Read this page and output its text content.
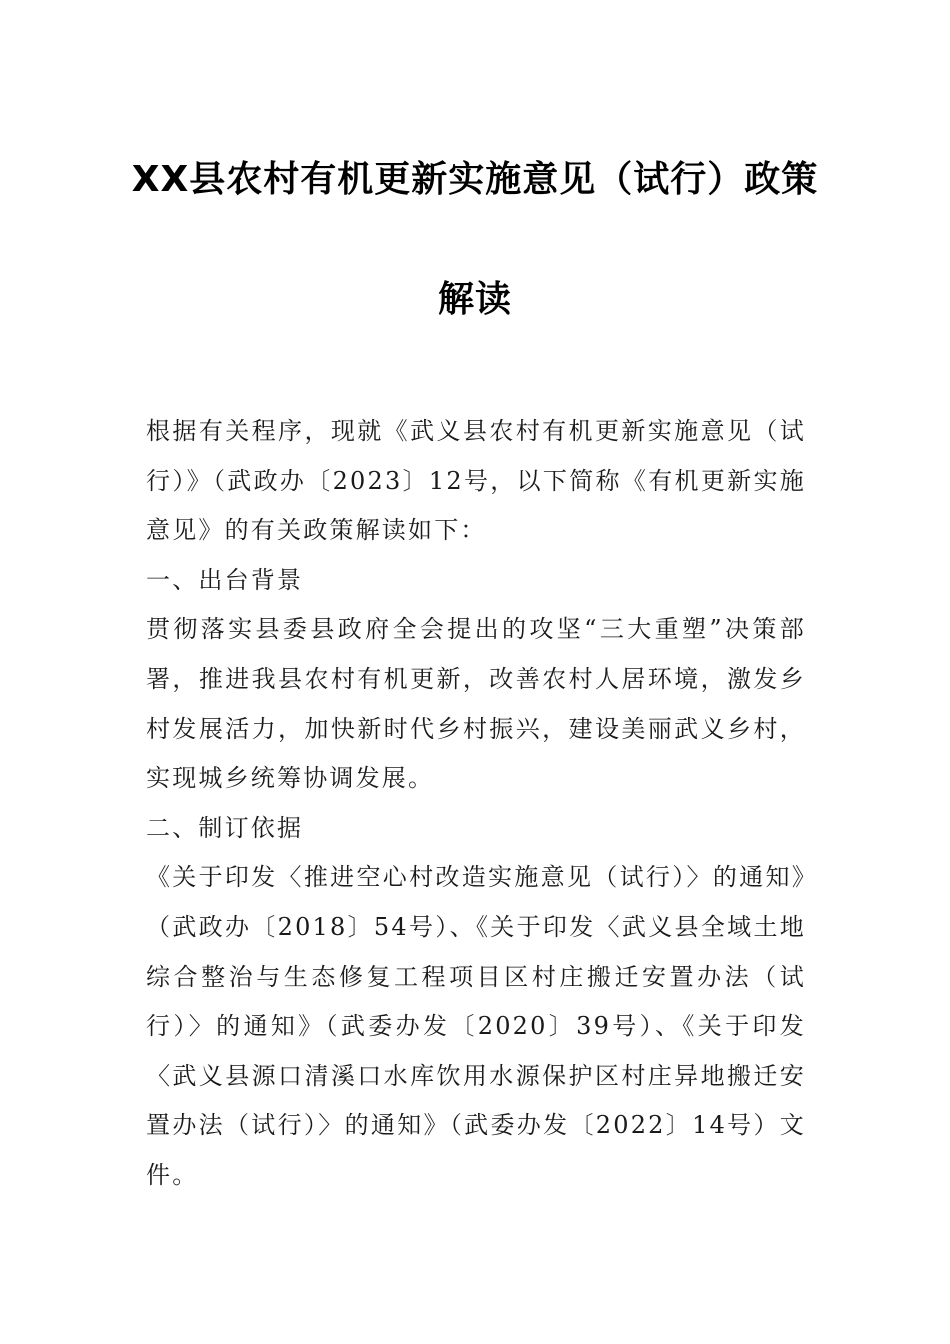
XX县农村有机更新实施意见（试行）政策
解读

根据有关程序，现就《武义县农村有机更新实施意见（试行）》（武政办〔2023〕12号，以下简称《有机更新实施意见》的有关政策解读如下：

一、出台背景

贯彻落实县委县政府全会提出的攻坚“三大重塑”决策部署，推进我县农村有机更新，改善农村人居环境，激发乡村发展活力，加快新时代乡村振兴，建设美丽武义乡村，实现城乡统筹协调发展。

二、制订依据

《关于印发〈推进空心村改造实施意见（试行）〉的通知》（武政办〔2018〕54号）、《关于印发〈武义县全域土地综合整治与生态修复工程项目区村庄搬迁安置办法（试行）〉的通知》（武委办发〔2020〕39号）、《关于印发〈武义县源口清溪口水库饮用水源保护区村庄异地搬迁安置办法（试行）〉的通知》（武委办发〔2022〕14号）文件。
